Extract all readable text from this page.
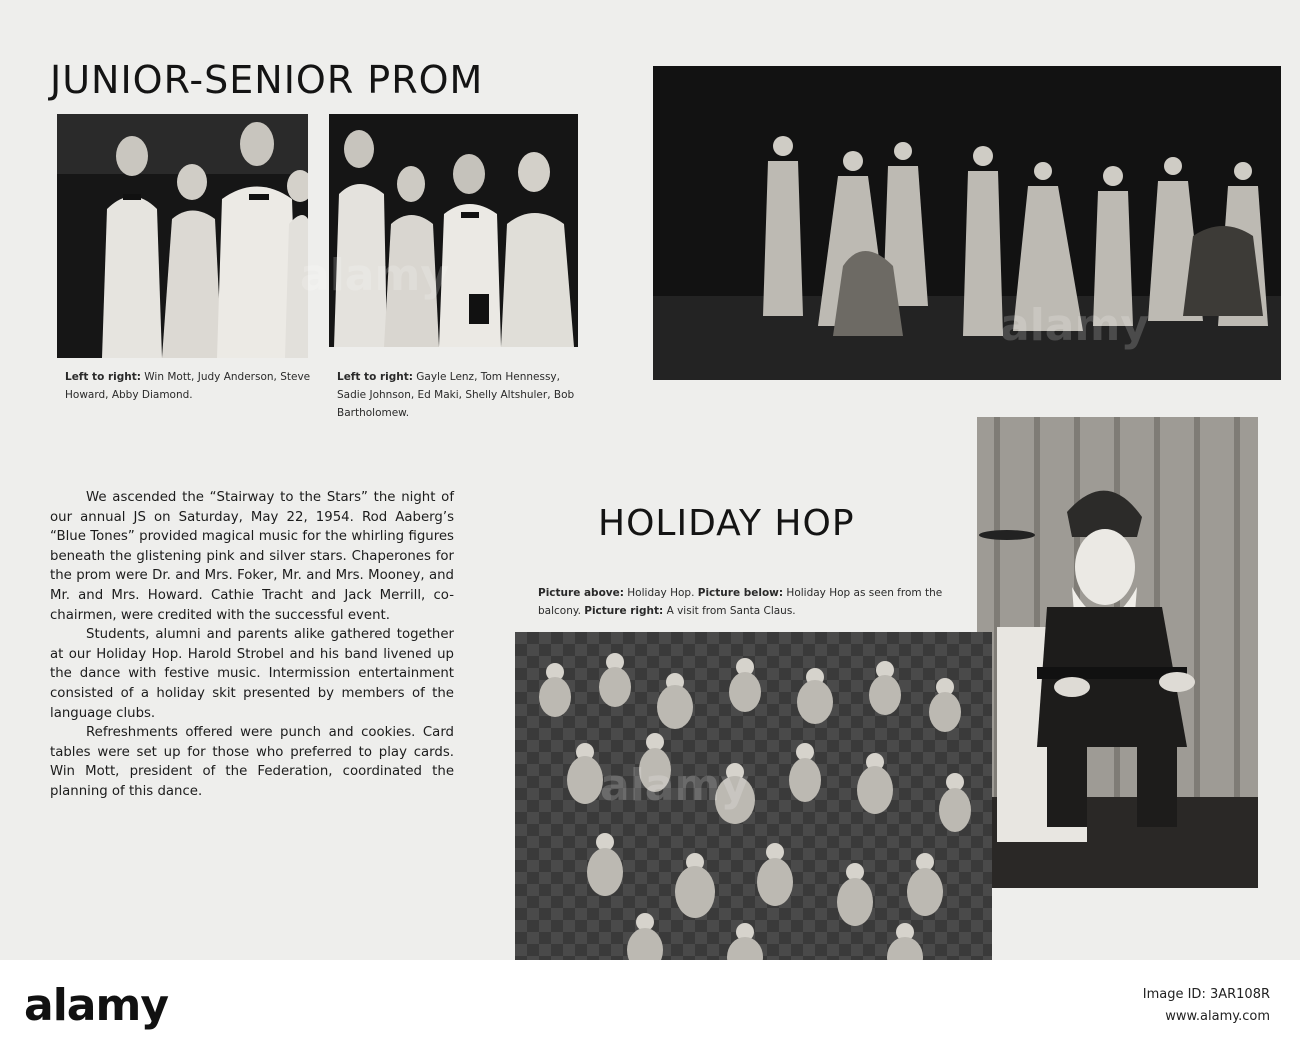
JUNIOR-SENIOR PROM
Left to right: Win Mott, Judy Anderson, Steve Howard, Abby Diamond.
Left to right: Gayle Lenz, Tom Hennessy, Sadie Johnson, Ed Maki, Shelly Altshuler, Bob Bartholomew.

We ascended the “Stairway to the Stars” the night of our annual JS on Saturday, May 22, 1954. Rod Aaberg’s “Blue Tones” provided magical music for the whirling figures beneath the glistening pink and silver stars. Chaperones for the prom were Dr. and Mrs. Foker, Mr. and Mrs. Mooney, and Mr. and Mrs. Howard. Cathie Tracht and Jack Merrill, co-chairmen, were credited with the successful event.

Students, alumni and parents alike gathered together at our Holiday Hop. Harold Strobel and his band livened up the dance with festive music. Intermission entertainment consisted of a holiday skit presented by members of the language clubs.

Refreshments offered were punch and cookies. Card tables were set up for those who preferred to play cards. Win Mott, president of the Federation, coordinated the planning of this dance.

HOLIDAY HOP
Picture above: Holiday Hop. Picture below: Holiday Hop as seen from the balcony. Picture right: A visit from Santa Claus.
alamy	Image ID: 3AR108R
www.alamy.com
